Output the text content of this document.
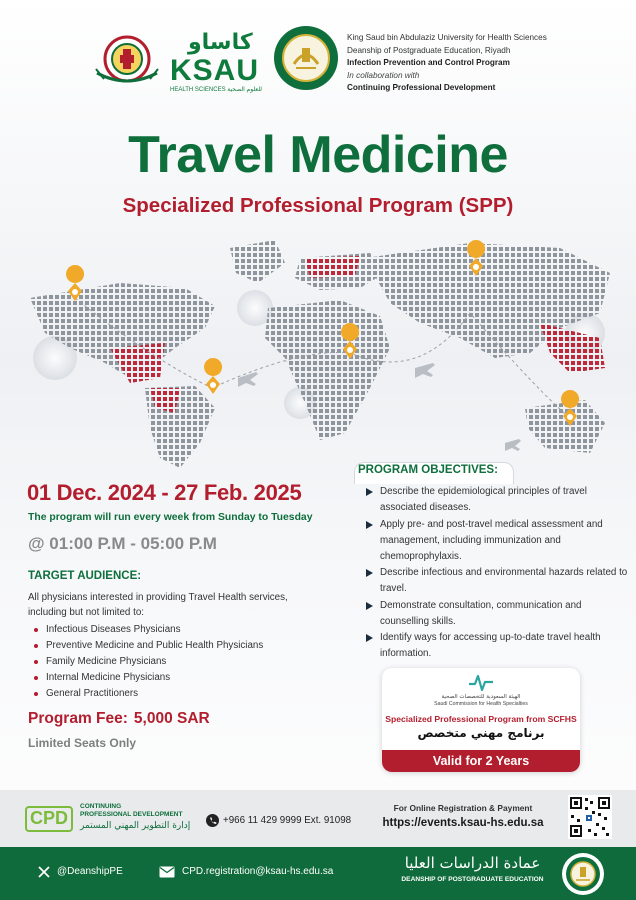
كاساو
KSAU
HEALTH SCIENCES للعلوم الصحية
King Saud bin Abdulaziz University for Health Sciences
Deanship of Postgraduate Education, Riyadh
Infection Prevention and Control Program
In collaboration with
Continuing Professional Development
Travel Medicine
Specialized Professional Program (SPP)
01 Dec. 2024 - 27 Feb. 2025
The program will run every week from Sunday to Tuesday
@ 01:00 P.M - 05:00 P.M
TARGET AUDIENCE:
All physicians interested in providing Travel Health services, including but not limited to:
Infectious Diseases Physicians
Preventive Medicine and Public Health Physicians
Family Medicine Physicians
Internal Medicine Physicians
General Practitioners
Program Fee: 5,000 SAR
Limited Seats Only
PROGRAM OBJECTIVES:
Describe the epidemiological principles of travel associated diseases.
Apply pre- and post-travel medical assessment and management, including immunization and chemoprophylaxis.
Describe infectious and environmental hazards related to travel.
Demonstrate consultation, communication and counselling skills.
Identify ways for accessing up-to-date travel health information.
الهيئة السعودية للتخصصات الصحية
Saudi Commission for Health Specialties
Specialized Professional Program from SCFHS
برنامج مهني متخصص
Valid for 2 Years
CPD
CONTINUING
PROFESSIONAL DEVELOPMENT
إدارة التطوير المهني المستمر	+966 11 429 9999 Ext. 91098
For Online Registration & Payment
https://events.ksau-hs.edu.sa
@DeanshipPE	CPD.registration@ksau-hs.edu.sa	عمادة الدراسات العليا
DEANSHIP OF POSTGRADUATE EDUCATION
